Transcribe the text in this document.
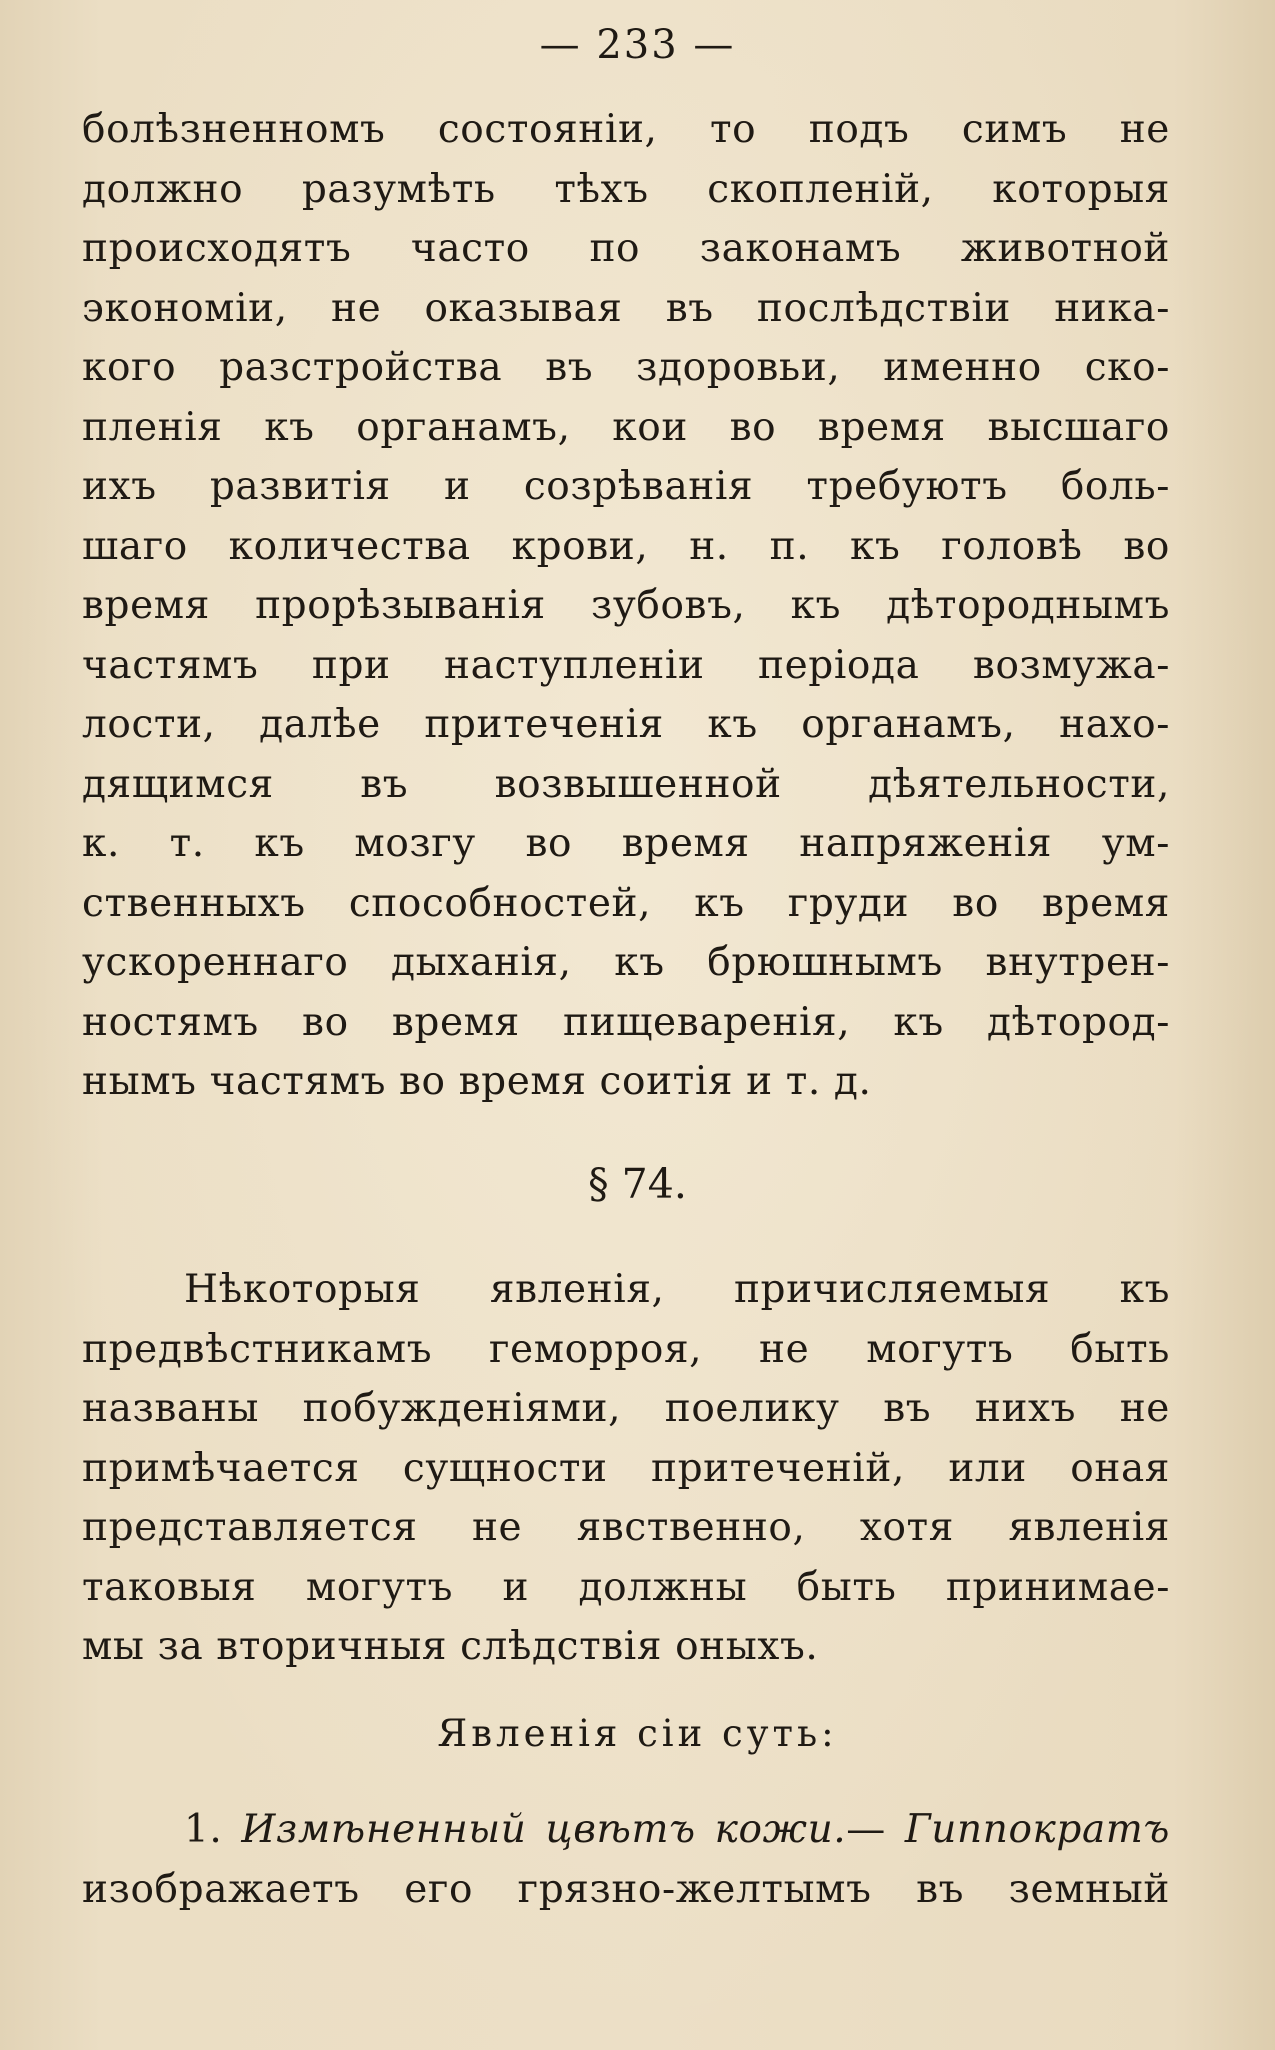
— 233 —
болѣзненномъ состоянiи, то подъ симъ не
должно разумѣть тѣхъ скопленiй, которыя
происходятъ часто по законамъ животной
экономiи, не оказывая въ послѣдствiи ника-
кого разстройства въ здоровьи, именно ско-
пленiя къ органамъ, кои во время высшаго
ихъ развитiя и созрѣванiя требуютъ боль-
шаго количества крови, н. п. къ головѣ во
время прорѣзыванiя зубовъ, къ дѣтороднымъ
частямъ при наступленiи перiода возмужа-
лости, далѣе притеченiя къ органамъ, нахо-
дящимся въ возвышенной дѣятельности,
к. т. къ мозгу во время напряженiя ум-
ственныхъ способностей, къ груди во время
ускореннаго дыханiя, къ брюшнымъ внутрен-
ностямъ во время пищеваренiя, къ дѣтород-
нымъ частямъ во время соитiя и т. д.
§ 74.
Нѣкоторыя явленiя, причисляемыя къ
предвѣстникамъ геморроя, не могутъ быть
названы побужденiями, поелику въ нихъ не
примѣчается сущности притеченiй, или оная
представляется не явственно, хотя явленiя
таковыя могутъ и должны быть принимае-
мы за вторичныя слѣдствiя оныхъ.
Явленiя сiи суть:
1. Измѣненный цвѣтъ кожи.— Гиппократъ
изображаетъ его грязно-желтымъ въ земный
